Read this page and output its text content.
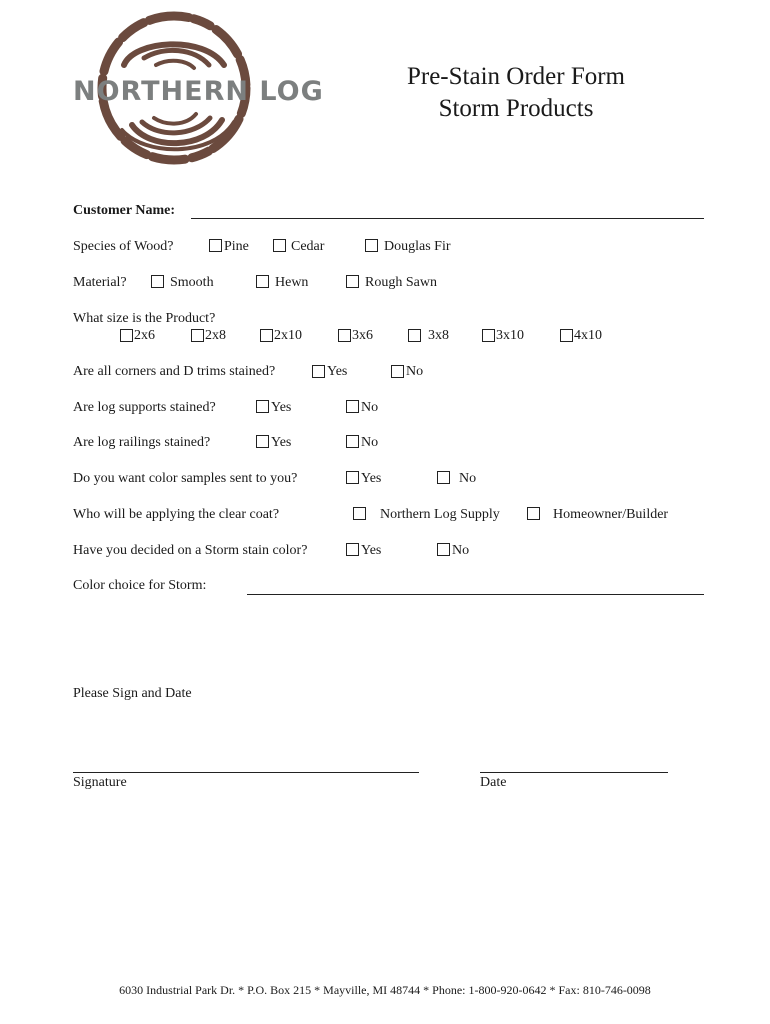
NORTHERN LOG	Pre-Stain Order Form
Storm Products
Customer Name:
Species of Wood?	Pine	Cedar	Douglas Fir
Material?	Smooth	Hewn	Rough Sawn
What size is the Product?
2x6	2x8	2x10	3x6	3x8	3x10	4x10
Are all corners and D trims stained?	Yes	No
Are log supports stained?	Yes	No
Are log railings stained?	Yes	No
Do you want color samples sent to you?	Yes	No
Who will be applying the clear coat?	Northern Log Supply	Homeowner/Builder
Have you decided on a Storm stain color?	Yes	No
Color choice for Storm:
Please Sign and Date
Signature	Date
6030 Industrial Park Dr. * P.O. Box 215 * Mayville, MI 48744 * Phone: 1-800-920-0642 * Fax: 810-746-0098
